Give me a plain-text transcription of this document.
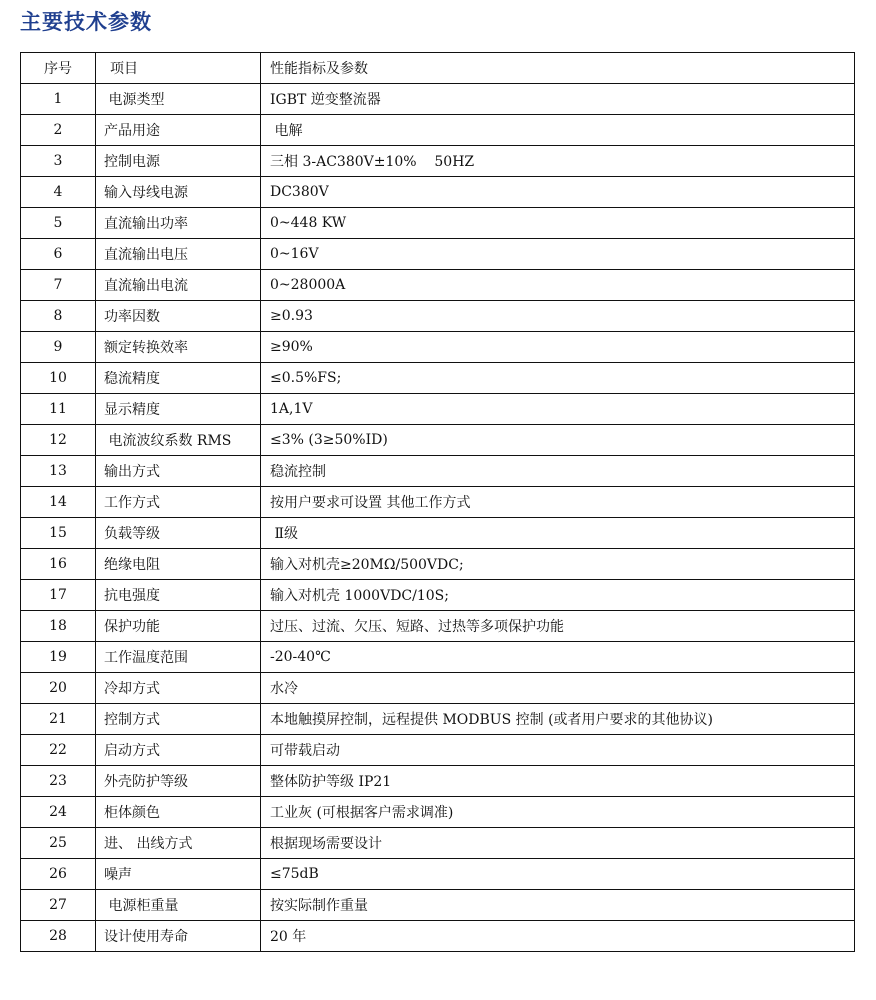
主要技术参数
序号	项目	性能指标及参数
1	电源类型	IGBT 逆变整流器
2	产品用途	电解
3	控制电源	三相 3-AC380V±10%    50HZ
4	输入母线电源	DC380V
5	直流输出功率	0~448 KW
6	直流输出电压	0~16V
7	直流输出电流	0~28000A
8	功率因数	≥0.93
9	额定转换效率	≥90%
10	稳流精度	≤0.5%FS;
11	显示精度	1A,1V
12	电流波纹系数 RMS	≤3% (3≥50%ID)
13	输出方式	稳流控制
14	工作方式	按用户要求可设置 其他工作方式
15	负载等级	Ⅱ级
16	绝缘电阻	输入对机壳≥20MΩ/500VDC;
17	抗电强度	输入对机壳 1000VDC/10S;
18	保护功能	过压、过流、欠压、短路、过热等多项保护功能
19	工作温度范围	-20-40℃
20	冷却方式	水冷
21	控制方式	本地触摸屏控制，远程提供 MODBUS 控制 (或者用户要求的其他协议)
22	启动方式	可带载启动
23	外壳防护等级	整体防护等级 IP21
24	柜体颜色	工业灰 (可根据客户需求调准)
25	进、 出线方式	根据现场需要设计
26	噪声	≤75dB
27	电源柜重量	按实际制作重量
28	设计使用寿命	20 年
